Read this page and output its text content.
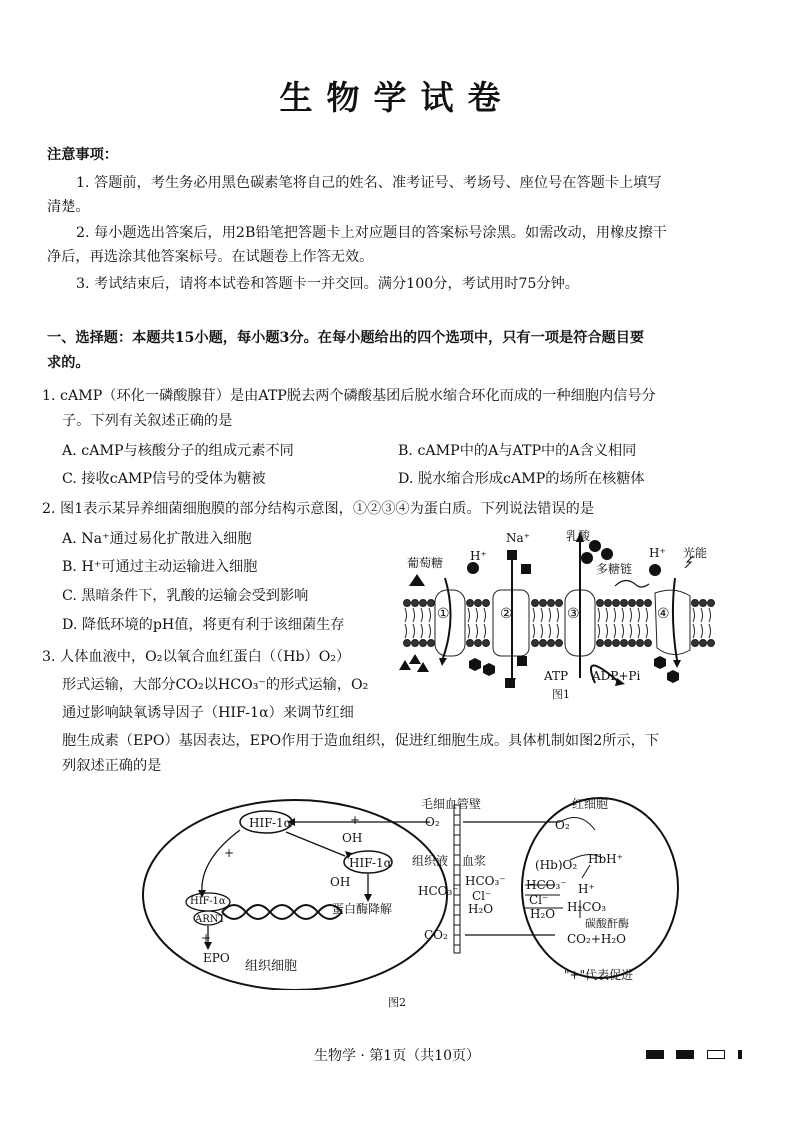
生物学试卷
注意事项：
1. 答题前，考生务必用黑色碳素笔将自己的姓名、准考证号、考场号、座位号在答题卡上填写
清楚。
2. 每小题选出答案后，用2B铅笔把答题卡上对应题目的答案标号涂黑。如需改动，用橡皮擦干
净后，再选涂其他答案标号。在试题卷上作答无效。
3. 考试结束后，请将本试卷和答题卡一并交回。满分100分，考试用时75分钟。
一、选择题：本题共15小题，每小题3分。在每小题给出的四个选项中，只有一项是符合题目要
求的。
1. cAMP（环化一磷酸腺苷）是由ATP脱去两个磷酸基团后脱水缩合环化而成的一种细胞内信号分
子。下列有关叙述正确的是
A. cAMP与核酸分子的组成元素不同	B. cAMP中的A与ATP中的A含义相同
C. 接收cAMP信号的受体为糖被	D. 脱水缩合形成cAMP的场所在核糖体
2. 图1表示某异养细菌细胞膜的部分结构示意图，①②③④为蛋白质。下列说法错误的是
A. Na⁺通过易化扩散进入细胞
B. H⁺可通过主动运输进入细胞
C. 黑暗条件下，乳酸的运输会受到影响
D. 降低环境的pH值，将更有利于该细菌生存
3. 人体血液中，O₂以氧合血红蛋白（（Hb）O₂）
形式运输，大部分CO₂以HCO₃⁻的形式运输，O₂
通过影响缺氧诱导因子（HIF-1α）来调节红细
胞生成素（EPO）基因表达，EPO作用于造血组织，促进红细胞生成。具体机制如图2所示，下
列叙述正确的是
葡萄糖 H⁺
Na⁺	乳酸
H⁺ 光能
多糖链
①	②	③	④
ATP ADP+Pi
图1
HIF-1α	+
OH
HIF-1α
OH
+
蛋白酶降解
HIF-1α
ARNT
+
EPO
组织细胞
毛细血管壁
O₂
组织液 血浆
HCO₃⁻
CO₂
红细胞
O₂
(Hb)O₂ HbH⁺
H⁺
HCO₃⁻
Cl⁻
H₂O
HCO₃⁻
Cl⁻
H₂O H₂CO₃
碳酸酐酶
CO₂+H₂O
"+"代表促进
图2
生物学 · 第1页（共10页）
